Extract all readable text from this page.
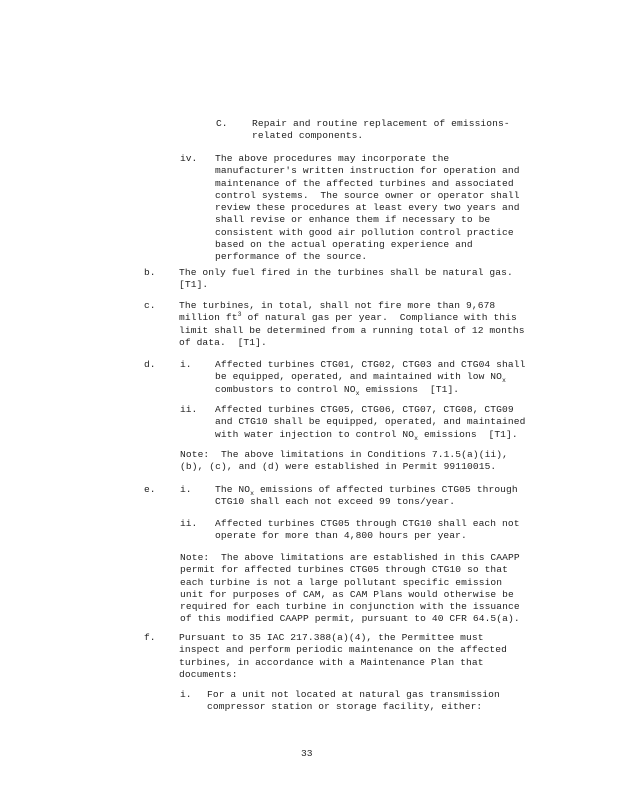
C.	Repair and routine replacement of emissions-
related components.
iv. The above procedures may incorporate the
manufacturer's written instruction for operation and
maintenance of the affected turbines and associated
control systems.  The source owner or operator shall
review these procedures at least every two years and
shall revise or enhance them if necessary to be
consistent with good air pollution control practice
based on the actual operating experience and
performance of the source.
b. The only fuel fired in the turbines shall be natural gas.
[T1].
c. The turbines, in total, shall not fire more than 9,678
million $ft^3$ of natural gas per year.  Compliance with this
limit shall be determined from a running total of 12 months
of data.  [T1].
d.	i. Affected turbines CTG01, CTG02, CTG03 and CTG04 shall
be equipped, operated, and maintained with low $NO_x$
combustors to control $NO_x$ emissions  [T1].
ii. Affected turbines CTG05, CTG06, CTG07, CTG08, CTG09
and CTG10 shall be equipped, operated, and maintained
with water injection to control $NO_x$ emissions  [T1].
Note:  The above limitations in Conditions 7.1.5(a)(ii),
(b), (c), and (d) were established in Permit 99110015.
e.	i. The $NO_x$ emissions of affected turbines CTG05 through
CTG10 shall each not exceed 99 tons/year.
ii. Affected turbines CTG05 through CTG10 shall each not
operate for more than 4,800 hours per year.
Note:  The above limitations are established in this CAAPP
permit for affected turbines CTG05 through CTG10 so that
each turbine is not a large pollutant specific emission
unit for purposes of CAM, as CAM Plans would otherwise be
required for each turbine in conjunction with the issuance
of this modified CAAPP permit, pursuant to 40 CFR 64.5(a).
f. Pursuant to 35 IAC 217.388(a)(4), the Permittee must
inspect and perform periodic maintenance on the affected
turbines, in accordance with a Maintenance Plan that
documents:
i. For a unit not located at natural gas transmission
compressor station or storage facility, either:
33
